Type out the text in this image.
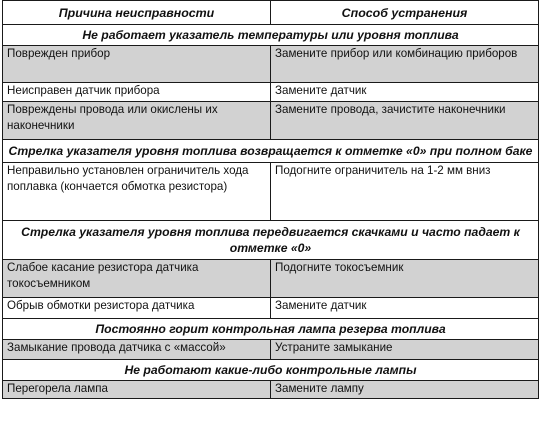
Причина неисправности	Способ устранения
Не работает указатель температуры или уровня топлива	
Поврежден прибор	Замените прибор или комбинацию приборов
Неисправен датчик прибора	Замените датчик
Повреждены провода или окислены их наконечники	Замените провода, зачистите наконечники
Стрелка указателя уровня топлива возвращается к отметке «0» при полном баке	
Неправильно установлен ограничитель хода поплавка (кончается обмотка резистора)	Подогните ограничитель на 1-2 мм вниз
Стрелка указателя уровня топлива передвигается скачками и часто падает к отметке «0»	
Слабое касание резистора датчика токосъемником	Подогните токосъемник
Обрыв обмотки резистора датчика	Замените датчик
Постоянно горит контрольная лампа резерва топлива	
Замыкание провода датчика с «массой»	Устраните замыкание
Не работают какие-либо контрольные лампы	
Перегорела лампа	Замените лампу
